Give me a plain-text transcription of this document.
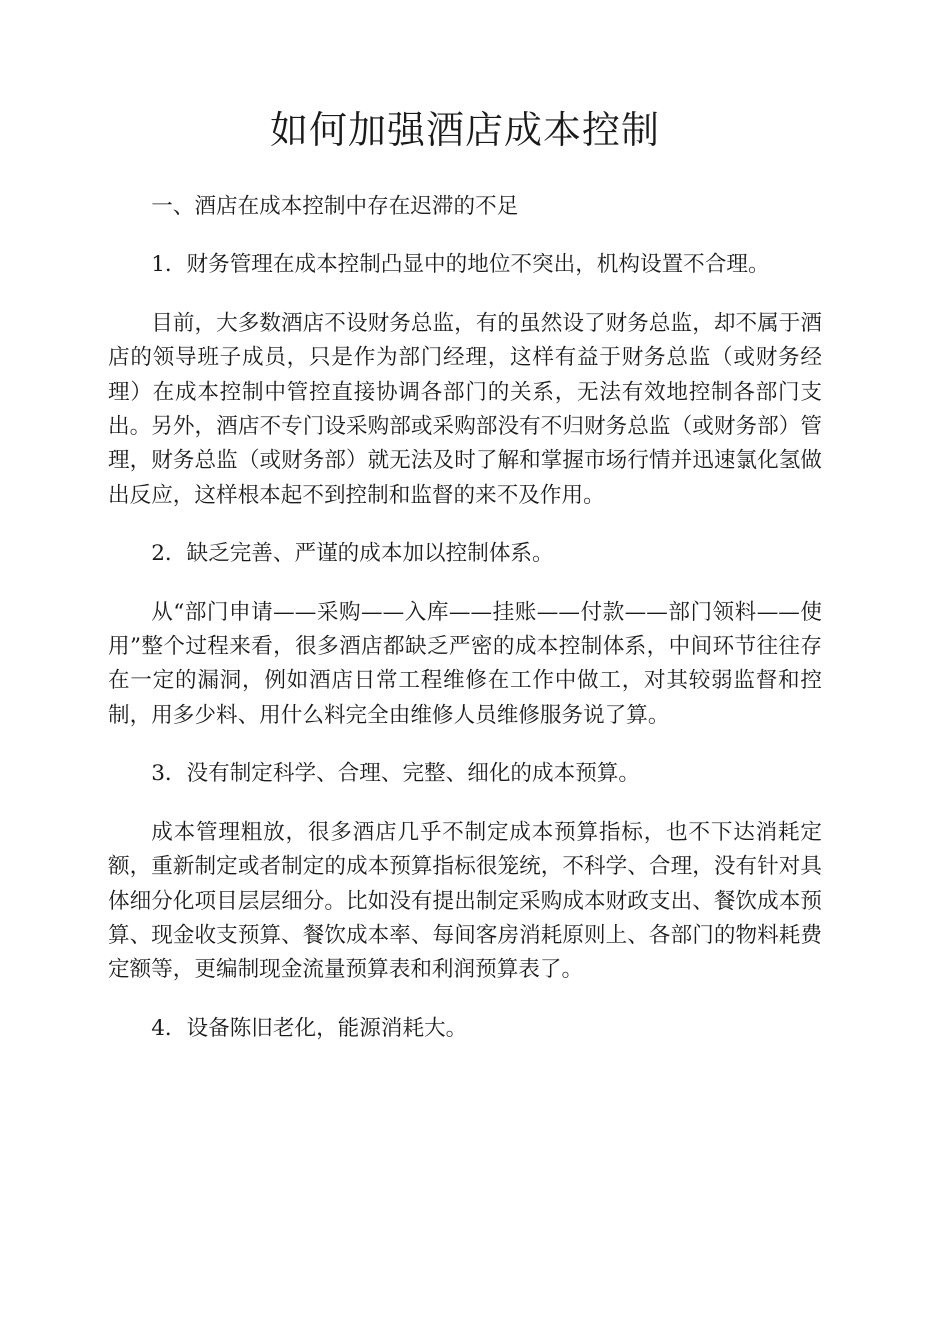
如何加强酒店成本控制

一、酒店在成本控制中存在迟滞的不足

1．财务管理在成本控制凸显中的地位不突出，机构设置不合理。

目前，大多数酒店不设财务总监，有的虽然设了财务总监，却不属于酒店的领导班子成员，只是作为部门经理，这样有益于财务总监（或财务经理）在成本控制中管控直接协调各部门的关系，无法有效地控制各部门支出。另外，酒店不专门设采购部或采购部没有不归财务总监（或财务部）管理，财务总监（或财务部）就无法及时了解和掌握市场行情并迅速氯化氢做出反应，这样根本起不到控制和监督的来不及作用。

2．缺乏完善、严谨的成本加以控制体系。

从“部门申请——采购——入库——挂账——付款——部门领料——使用”整个过程来看，很多酒店都缺乏严密的成本控制体系，中间环节往往存在一定的漏洞，例如酒店日常工程维修在工作中做工，对其较弱监督和控制，用多少料、用什么料完全由维修人员维修服务说了算。

3．没有制定科学、合理、完整、细化的成本预算。

成本管理粗放，很多酒店几乎不制定成本预算指标，也不下达消耗定额，重新制定或者制定的成本预算指标很笼统，不科学、合理，没有针对具体细分化项目层层细分。比如没有提出制定采购成本财政支出、餐饮成本预算、现金收支预算、餐饮成本率、每间客房消耗原则上、各部门的物料耗费定额等，更编制现金流量预算表和利润预算表了。

4．设备陈旧老化，能源消耗大。
